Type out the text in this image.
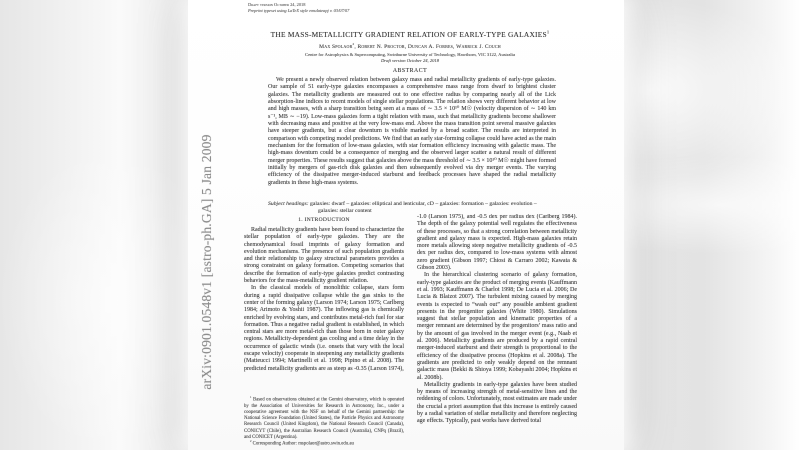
arXiv:0901.0548v1 [astro-ph.GA] 5 Jan 2009
Draft version October 24, 2018
Preprint typeset using LaTeX style emulateapj v. 03/07/07
THE MASS-METALLICITY GRADIENT RELATION OF EARLY-TYPE GALAXIES$^1$
Max Spolaor$^2$, Robert N. Proctor, Duncan A. Forbes, Warrick J. Couch
Centre for Astrophysics & Supercomputing, Swinburne University of Technology, Hawthorn, VIC 3122, Australia
Draft version October 24, 2018
ABSTRACT
We present a newly observed relation between galaxy mass and radial metallicity gradients of early-type galaxies. Our sample of 51 early-type galaxies encompasses a comprehensive mass range from dwarf to brightest cluster galaxies. The metallicity gradients are measured out to one effective radius by comparing nearly all of the Lick absorption-line indices to recent models of single stellar populations. The relation shows very different behavior at low and high masses, with a sharp transition being seen at a mass of ∼ 3.5 × 10¹⁰ M☉ (velocity dispersion of ∼ 140 km s⁻¹, MB ∼ −19). Low-mass galaxies form a tight relation with mass, such that metallicity gradients become shallower with decreasing mass and positive at the very low-mass end. Above the mass transition point several massive galaxies have steeper gradients, but a clear downturn is visible marked by a broad scatter. The results are interpreted in comparison with competing model predictions. We find that an early star-forming collapse could have acted as the main mechanism for the formation of low-mass galaxies, with star formation efficiency increasing with galactic mass. The high-mass downturn could be a consequence of merging and the observed larger scatter a natural result of different merger properties. These results suggest that galaxies above the mass threshold of ∼ 3.5 × 10¹⁰ M☉ might have formed initially by mergers of gas-rich disk galaxies and then subsequently evolved via dry merger events. The varying efficiency of the dissipative merger-induced starburst and feedback processes have shaped the radial metallicity gradients in these high-mass systems.
Subject headings: galaxies: dwarf – galaxies: elliptical and lenticular, cD – galaxies: formation – galaxies: evolution – galaxies: stellar content
1. INTRODUCTION

Radial metallicity gradients have been found to characterize the stellar population of early-type galaxies. They are the chemodynamical fossil imprints of galaxy formation and evolution mechanisms. The presence of such population gradients and their relationship to galaxy structural parameters provides a strong constraint on galaxy formation. Competing scenarios that describe the formation of early-type galaxies predict contrasting behaviors for the mass-metallicity gradient relation.

In the classical models of monolithic collapse, stars form during a rapid dissipative collapse while the gas sinks to the center of the forming galaxy (Larson 1974; Larson 1975; Carlberg 1984; Arimoto & Yoshii 1987). The inflowing gas is chemically enriched by evolving stars, and contributes metal-rich fuel for star formation. Thus a negative radial gradient is established, in which central stars are more metal-rich than those born in outer galaxy regions. Metallicity-dependent gas cooling and a time delay in the occurrence of galactic winds (i.e. onsets that vary with the local escape velocity) cooperate in steepening any metallicity gradients (Matteucci 1994; Martinelli et al. 1998; Pipino et al. 2008). The predicted metallicity gradients are as steep as -0.35 (Larson 1974),

$^1$ Based on observations obtained at the Gemini observatory, which is operated by the Association of Universities for Research in Astronomy, Inc., under a cooperative agreement with the NSF on behalf of the Gemini partnership: the National Science Foundation (United States), the Particle Physics and Astronomy Research Council (United Kingdom), the National Research Council (Canada), CONICYT (Chile), the Australian Research Council (Australia), CNPq (Brazil), and CONICET (Argentina).

$^2$ Corresponding Author: mspolaor@astro.swin.edu.au

-1.0 (Larson 1975), and -0.5 dex per radius dex (Carlberg 1984). The depth of the galaxy potential well regulates the effectiveness of these processes, so that a strong correlation between metallicity gradient and galaxy mass is expected. High-mass galaxies retain more metals allowing steep negative metallicity gradients of -0.5 dex per radius dex, compared to low-mass systems with almost zero gradient (Gibson 1997; Chiosi & Carraro 2002; Kawata & Gibson 2003).

In the hierarchical clustering scenario of galaxy formation, early-type galaxies are the product of merging events (Kauffmann et al. 1993; Kauffmann & Charlot 1998; De Lucia et al. 2006; De Lucia & Blaizot 2007). The turbulent mixing caused by merging events is expected to “wash out” any possible ambient gradient presents in the progenitor galaxies (White 1980). Simulations suggest that stellar population and kinematic properties of a merger remnant are determined by the progenitors’ mass ratio and by the amount of gas involved in the merger event (e.g., Naab et al. 2006). Metallicity gradients are produced by a rapid central merger-induced starburst and their strength is proportional to the efficiency of the dissipative process (Hopkins et al. 2008a). The gradients are predicted to only weakly depend on the remnant galactic mass (Bekki & Shioya 1999; Kobayashi 2004; Hopkins et al. 2008b).

Metallicity gradients in early-type galaxies have been studied by means of increasing strength of metal-sensitive lines and the reddening of colors. Unfortunately, most estimates are made under the crucial a priori assumption that this increase is entirely caused by a radial variation of stellar metallicity and therefore neglecting age effects. Typically, past works have derived total
